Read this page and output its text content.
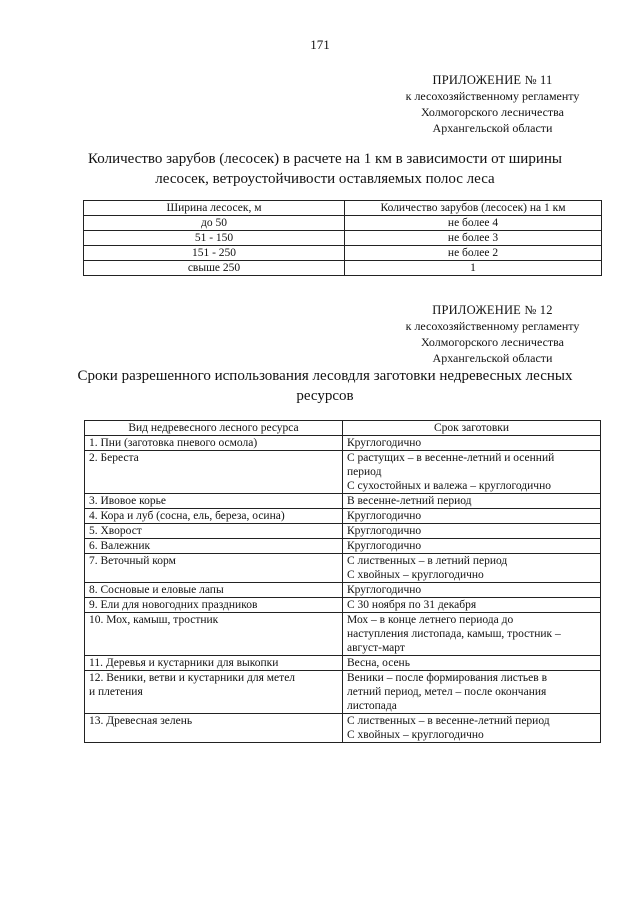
171
ПРИЛОЖЕНИЕ № 11
к лесохозяйственному регламенту
Холмогорского лесничества
Архангельской области
Количество зарубов (лесосек) в расчете на 1 км в зависимости от ширины
лесосек, ветроустойчивости оставляемых полос леса
Ширина лесосек, м	Количество зарубов (лесосек) на 1 км
до 50	не более 4
51 - 150	не более 3
151 - 250	не более 2
свыше 250	1
ПРИЛОЖЕНИЕ № 12
к лесохозяйственному регламенту
Холмогорского лесничества
Архангельской области
Сроки разрешенного использования лесовдля заготовки недревесных лесных
ресурсов
Вид недревесного лесного ресурса	Срок заготовки

1. Пни (заготовка пневого осмола)	Круглогодично

2. Береста	С растущих – в весенне-летний и осенний
период
С сухостойных и валежа – круглогодично

3. Ивовое корье	В весенне-летний период

4. Кора и луб (сосна, ель, береза, осина)	Круглогодично

5. Хворост	Круглогодично

6. Валежник	Круглогодично

7. Веточный корм	С лиственных – в летний период
С хвойных – круглогодично

8. Сосновые и еловые лапы	Круглогодично

9. Ели для новогодних праздников	С 30 ноября по 31 декабря

10. Мох, камыш, тростник	Мох – в конце летнего периода до
наступления листопада, камыш, тростник –
август-март

11. Деревья и кустарники для выкопки	Весна, осень

12. Веники, ветви и кустарники для метел
и плетения	Веники – после формирования листьев в
летний период, метел – после окончания
листопада

13. Древесная зелень	С лиственных – в весенне-летний период
С хвойных – круглогодично
